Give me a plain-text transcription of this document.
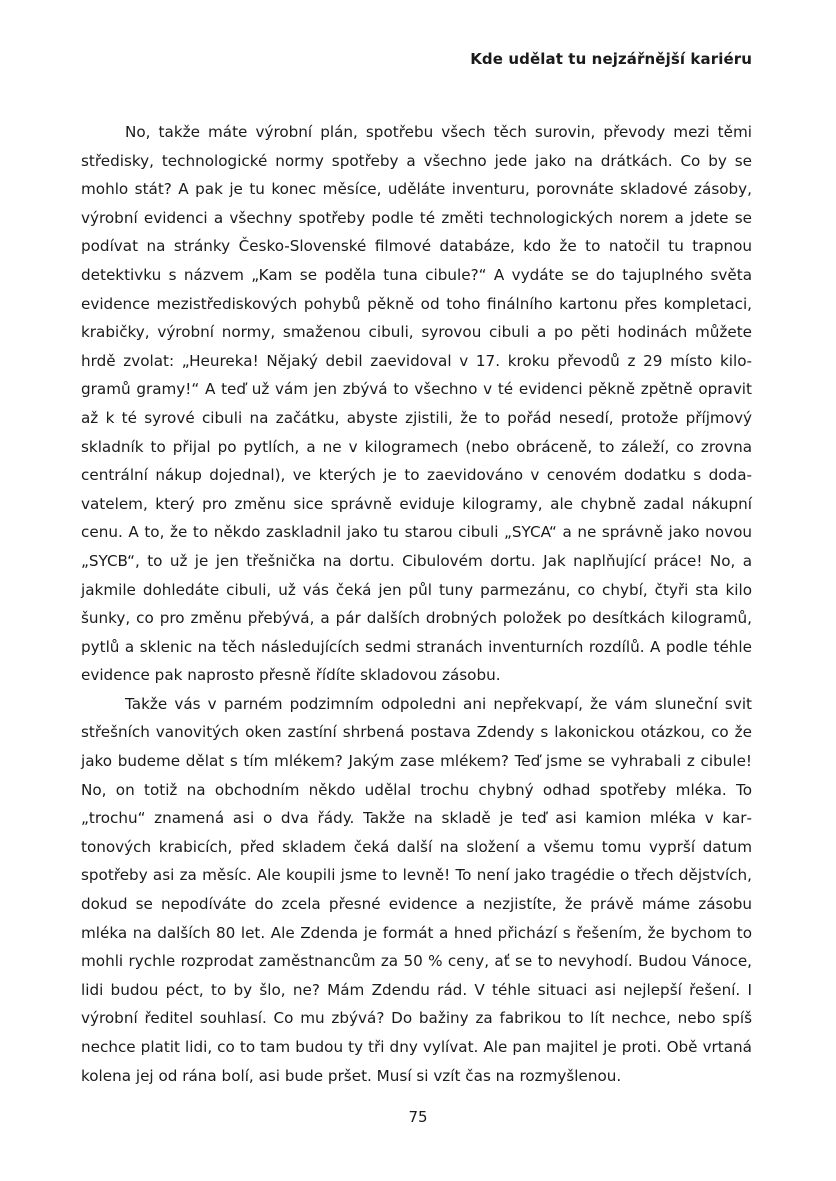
Kde udělat tu nejzářnější kariéru

No, takže máte výrobní plán, spotřebu všech těch surovin, převody mezi těmi středisky, technologické normy spotřeby a všechno jede jako na drátkách. Co by se mohlo stát? A pak je tu konec měsíce, uděláte inventuru, porovnáte skladové zásoby, výrobní evidenci a všechny spotřeby podle té změti technologických norem a jdete se podívat na stránky Česko-Slovenské filmové databáze, kdo že to natočil tu trapnou detektivku s názvem „Kam se poděla tuna cibule?“ A vydáte se do tajuplného světa evidence mezistřediskových pohybů pěkně od toho finálního kartonu přes kompletaci, krabičky, výrobní normy, smaženou cibuli, syrovou cibuli a po pěti hodinách můžete hrdě zvolat: „Heureka! Nějaký debil zaevidoval v 17. kroku převodů z 29 místo kilogramů gramy!“ A teď už vám jen zbývá to všechno v té evidenci pěkně zpětně opravit až k té syrové cibuli na začátku, abyste zjistili, že to pořád nesedí, protože příjmový skladník to přijal po pytlích, a ne v kilogramech (nebo obráceně, to záleží, co zrovna centrální nákup dojednal), ve kterých je to zaevidováno v cenovém dodatku s dodavatelem, který pro změnu sice správně eviduje kilogramy, ale chybně zadal nákupní cenu. A to, že to někdo zaskladnil jako tu starou cibuli „SYCA“ a ne správně jako novou „SYCB“, to už je jen třešnička na dortu. Cibulovém dortu. Jak naplňující práce! No, a jakmile dohledáte cibuli, už vás čeká jen půl tuny parmezánu, co chybí, čtyři sta kilo šunky, co pro změnu přebývá, a pár dalších drobných položek po desítkách kilogramů, pytlů a sklenic na těch následujících sedmi stranách inventurních rozdílů. A podle téhle evidence pak naprosto přesně řídíte skladovou zásobu.

Takže vás v parném podzimním odpoledni ani nepřekvapí, že vám sluneční svit střešních vanovitých oken zastíní shrbená postava Zdendy s lakonickou otázkou, co že jako budeme dělat s tím mlékem? Jakým zase mlékem? Teď jsme se vyhrabali z cibule! No, on totiž na obchodním někdo udělal trochu chybný odhad spotřeby mléka. To „trochu“ znamená asi o dva řády. Takže na skladě je teď asi kamion mléka v kartonových krabicích, před skladem čeká další na složení a všemu tomu vyprší datum spotřeby asi za měsíc. Ale koupili jsme to levně! To není jako tragédie o třech dějstvích, dokud se nepodíváte do zcela přesné evidence a nezjistíte, že právě máme zásobu mléka na dalších 80 let. Ale Zdenda je formát a hned přichází s řešením, že bychom to mohli rychle rozprodat zaměstnancům za 50 % ceny, ať se to nevyhodí. Budou Vánoce, lidi budou péct, to by šlo, ne? Mám Zdendu rád. V téhle situaci asi nejlepší řešení. I výrobní ředitel souhlasí. Co mu zbývá? Do bažiny za fabrikou to lít nechce, nebo spíš nechce platit lidi, co to tam budou ty tři dny vylívat. Ale pan majitel je proti. Obě vrtaná kolena jej od rána bolí, asi bude pršet. Musí si vzít čas na rozmyšlenou.

75
